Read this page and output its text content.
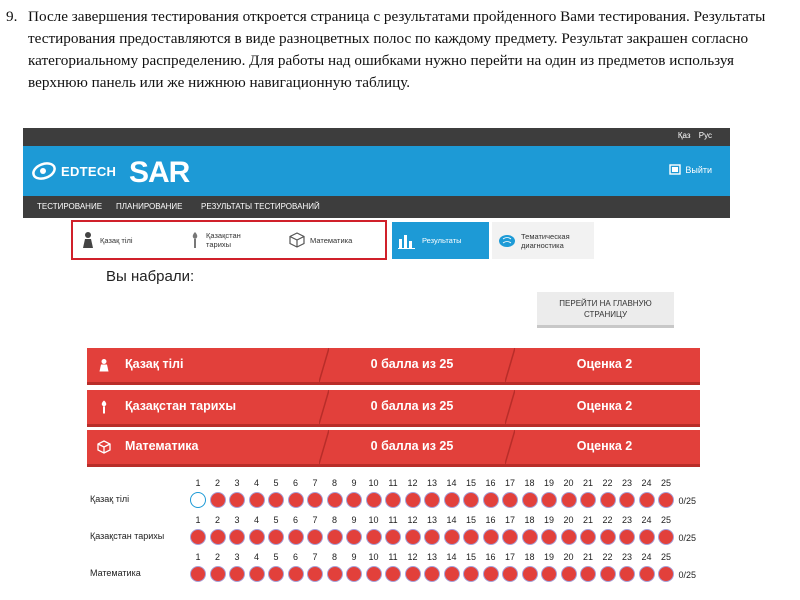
9. После завершения тестирования откроется страница с результатами пройденного Вами тестирования. Результаты тестирования предоставляются в виде разноцветных полос по каждому предмету. Результат закрашен согласно категориальному распределению. Для работы над ошибками нужно перейти на один из предметов используя верхнюю панель или же нижнюю навигационную таблицу.
Қаз Рус
EDTECH SAR	Выйти
ТЕСТИРОВАНИЕ ПЛАНИРОВАНИЕ РЕЗУЛЬТАТЫ ТЕСТИРОВАНИЙ
Қазақ тілі	Қазақстан
тарихы	Математика	Результаты	Тематическая
диагностика
Вы набрали:
ПЕРЕЙТИ НА ГЛАВНУЮ СТРАНИЦУ
Қазақ тілі	0 балла из 25	Оценка 2
Қазақстан тарихы	0 балла из 25	Оценка 2
Математика	0 балла из 25	Оценка 2
1	2	3	4	5	6	7	8	9	10	11	12	13	14	15	16	17	18	19	20	21	22	23	24	25
Қазақ тілі	0/25
1	2	3	4	5	6	7	8	9	10	11	12	13	14	15	16	17	18	19	20	21	22	23	24	25
Қазақстан тарихы	0/25
1	2	3	4	5	6	7	8	9	10	11	12	13	14	15	16	17	18	19	20	21	22	23	24	25
Математика	0/25
